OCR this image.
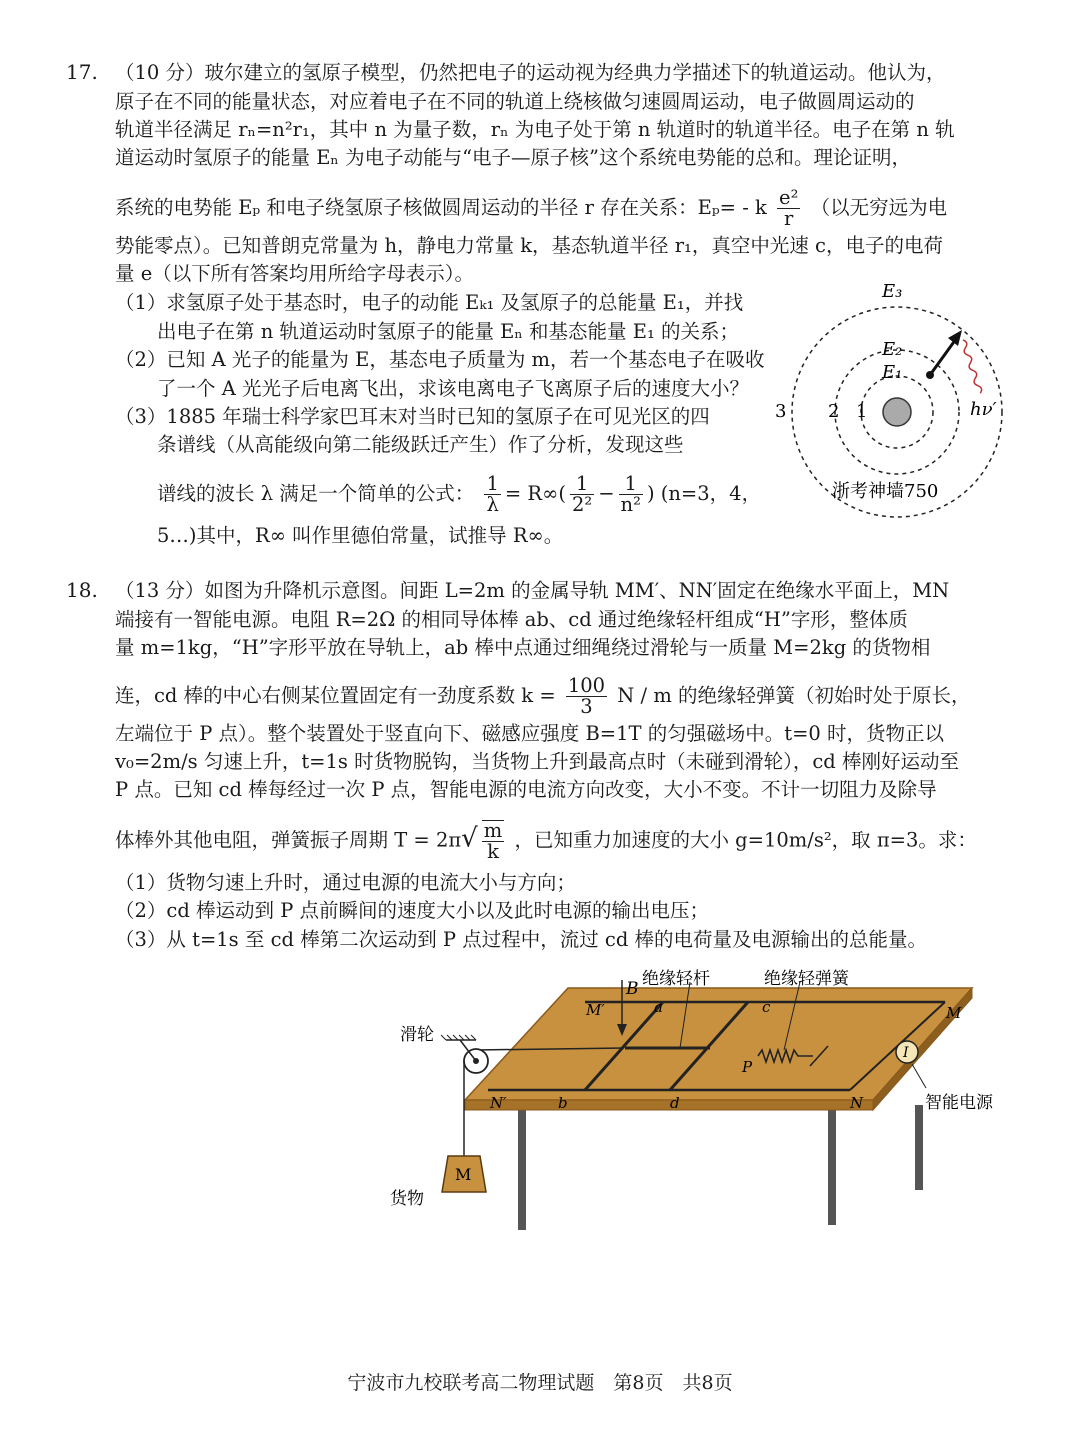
17. （10 分）玻尔建立的氢原子模型，仍然把电子的运动视为经典力学描述下的轨道运动。他认为，
原子在不同的能量状态，对应着电子在不同的轨道上绕核做匀速圆周运动，电子做圆周运动的
轨道半径满足 rₙ=n²r₁，其中 n 为量子数，rₙ 为电子处于第 n 轨道时的轨道半径。电子在第 n 轨
道运动时氢原子的能量 Eₙ 为电子动能与“电子—原子核”这个系统电势能的总和。理论证明，
系统的电势能 Eₚ 和电子绕氢原子核做圆周运动的半径 r 存在关系：Eₚ= - k $\frac{\text{e²}}{r}$ （以无穷远为电
势能零点）。已知普朗克常量为 h，静电力常量 k，基态轨道半径 r₁，真空中光速 c，电子的电荷
量 e（以下所有答案均用所给字母表示）。
（1）求氢原子处于基态时，电子的动能 Eₖ₁ 及氢原子的总能量 E₁，并找
出电子在第 n 轨道运动时氢原子的能量 Eₙ 和基态能量 E₁ 的关系；
（2）已知 A 光子的能量为 E，基态电子质量为 m，若一个基态电子在吸收
了一个 A 光光子后电离飞出，求该电离电子飞离原子后的速度大小？
（3）1885 年瑞士科学家巴耳末对当时已知的氢原子在可见光区的四
条谱线（从高能级向第二能级跃迁产生）作了分析，发现这些
谱线的波长 λ 满足一个简单的公式： $\frac{1}{\lambda} = R\infty( \frac{1}{\text{2²}} - \frac{1}{\text{n²}}$ ) (n=3，4，
5…)其中，R∞ 叫作里德伯常量，试推导 R∞。
E₃
E₂
E₁
3 2 1	hν′
浙考神墙750
18. （13 分）如图为升降机示意图。间距 L=2m 的金属导轨 MM′、NN′固定在绝缘水平面上，MN
端接有一智能电源。电阻 R=2Ω 的相同导体棒 ab、cd 通过绝缘轻杆组成“H”字形，整体质
量 m=1kg，“H”字形平放在导轨上，ab 棒中点通过细绳绕过滑轮与一质量 M=2kg 的货物相
连，cd 棒的中心右侧某位置固定有一劲度系数 $k = \frac{100}{3}$ N / m 的绝缘轻弹簧（初始时处于原长，
左端位于 P 点）。整个装置处于竖直向下、磁感应强度 B=1T 的匀强磁场中。t=0 时，货物正以
v₀=2m/s 匀速上升，t=1s 时货物脱钩，当货物上升到最高点时（未碰到滑轮），cd 棒刚好运动至
P 点。已知 cd 棒每经过一次 P 点，智能电源的电流方向改变，大小不变。不计一切阻力及除导
体棒外其他电阻，弹簧振子周期 $T = 2\pi√ \frac{m}{k}$ ，已知重力加速度的大小 g=10m/s²，取 π=3。求：
（1）货物匀速上升时，通过电源的电流大小与方向；
（2）cd 棒运动到 P 点前瞬间的速度大小以及此时电源的输出电压；
（3）从 t=1s 至 cd 棒第二次运动到 P 点过程中，流过 cd 棒的电荷量及电源输出的总能量。
B 绝缘轻杆	绝缘轻弹簧
滑轮
M′	a	c	M
I
P
N′	b	d	N	智能电源
M
货物
宁波市九校联考高二物理试题　第8页　共8页
